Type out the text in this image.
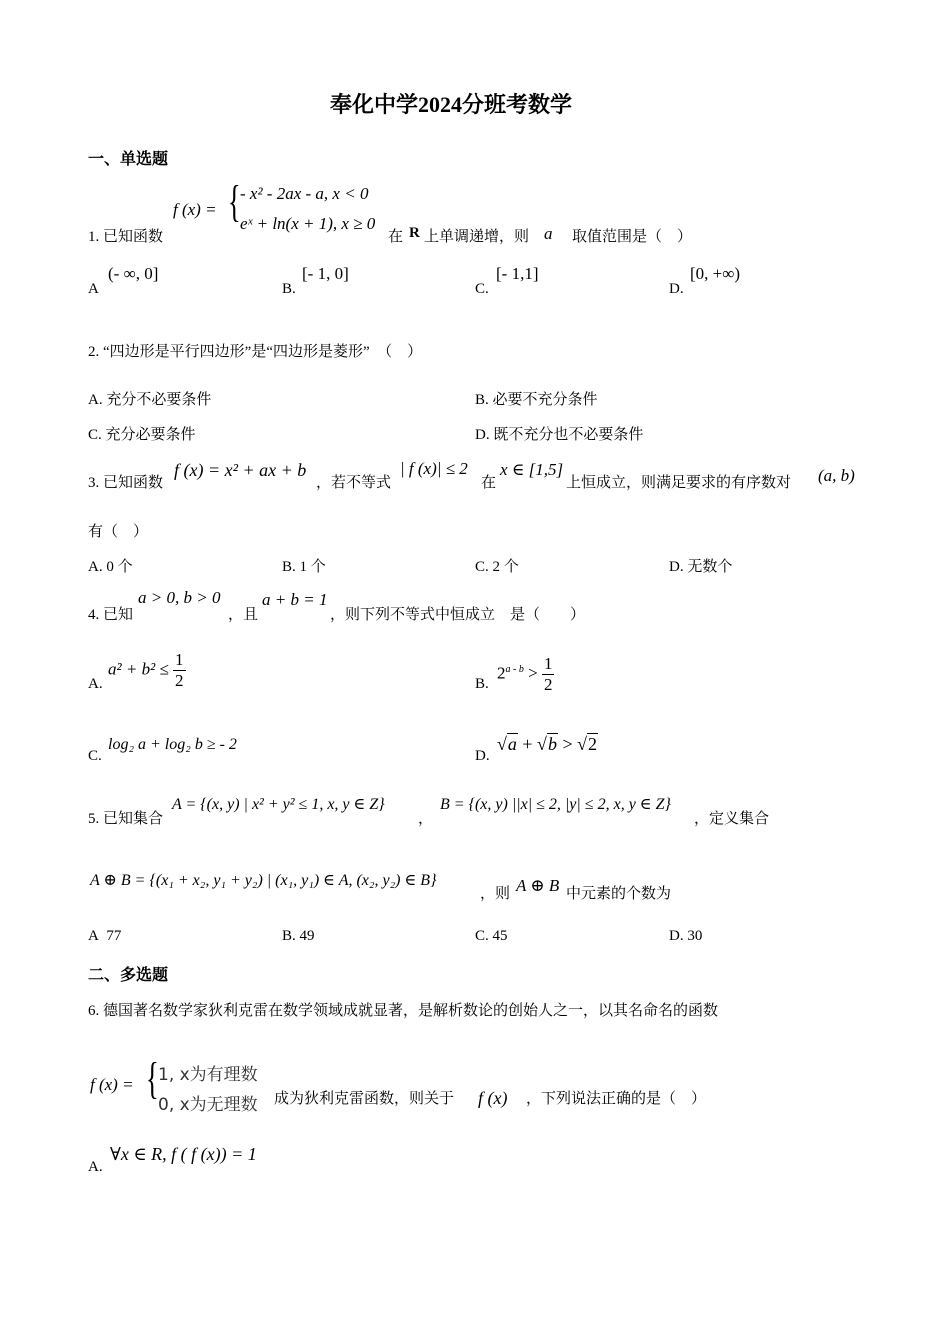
奉化中学2024分班考数学
一、单选题
1. 已知函数
f (x) = { - x² - 2ax - a, x < 0
eˣ + ln(x + 1), x ≥ 0
在 R 上单调递增，则 a 取值范围是（　）
A
(- ∞, 0]
B.
[- 1, 0]
C.
[- 1,1]
D.
[0, +∞)
2. “四边形是平行四边形”是“四边形是菱形”　（　）
A. 充分不必要条件	B. 必要不充分条件
C. 充分必要条件	D. 既不充分也不必要条件
3. 已知函数
f (x) = x² + ax + b
，若不等式
| f (x)| ≤ 2
在
x ∈ [1,5]
上恒成立，则满足要求的有序数对 (a, b)
有（　）
A. 0 个	B. 1 个	C. 2 个	D. 无数个
4. 已知
a > 0, b > 0
，且
a + b = 1
，则下列不等式中恒成立　是（　　）
A.
$a^2 + b^2 \le \frac{1}{2}$	B.
$2^{a - b} > \frac{1}{2}$
C.
log₂ a + log₂ b ≥ - 2
D.
√a + √b > √2
5. 已知集合
A = {(x, y) | x² + y² ≤ 1, x, y ∈ Z}
，
B = {(x, y) ||x| ≤ 2, |y| ≤ 2, x, y ∈ Z}
，定义集合
A ⊕ B = {(x₁ + x₂, y₁ + y₂) | (x₁, y₁) ∈ A, (x₂, y₂) ∈ B}
，则 A ⊕ B 中元素的个数为
A 77	B. 49	C. 45	D. 30
二、多选题
6. 德国著名数学家狄利克雷在数学领域成就显著，是解析数论的创始人之一，以其名命名的函数
f (x) = { 1, x为有理数
0, x为无理数 成为狄利克雷函数，则关于 f (x) ，下列说法正确的是（　）
A.
∀x ∈ R, f ( f (x)) = 1
